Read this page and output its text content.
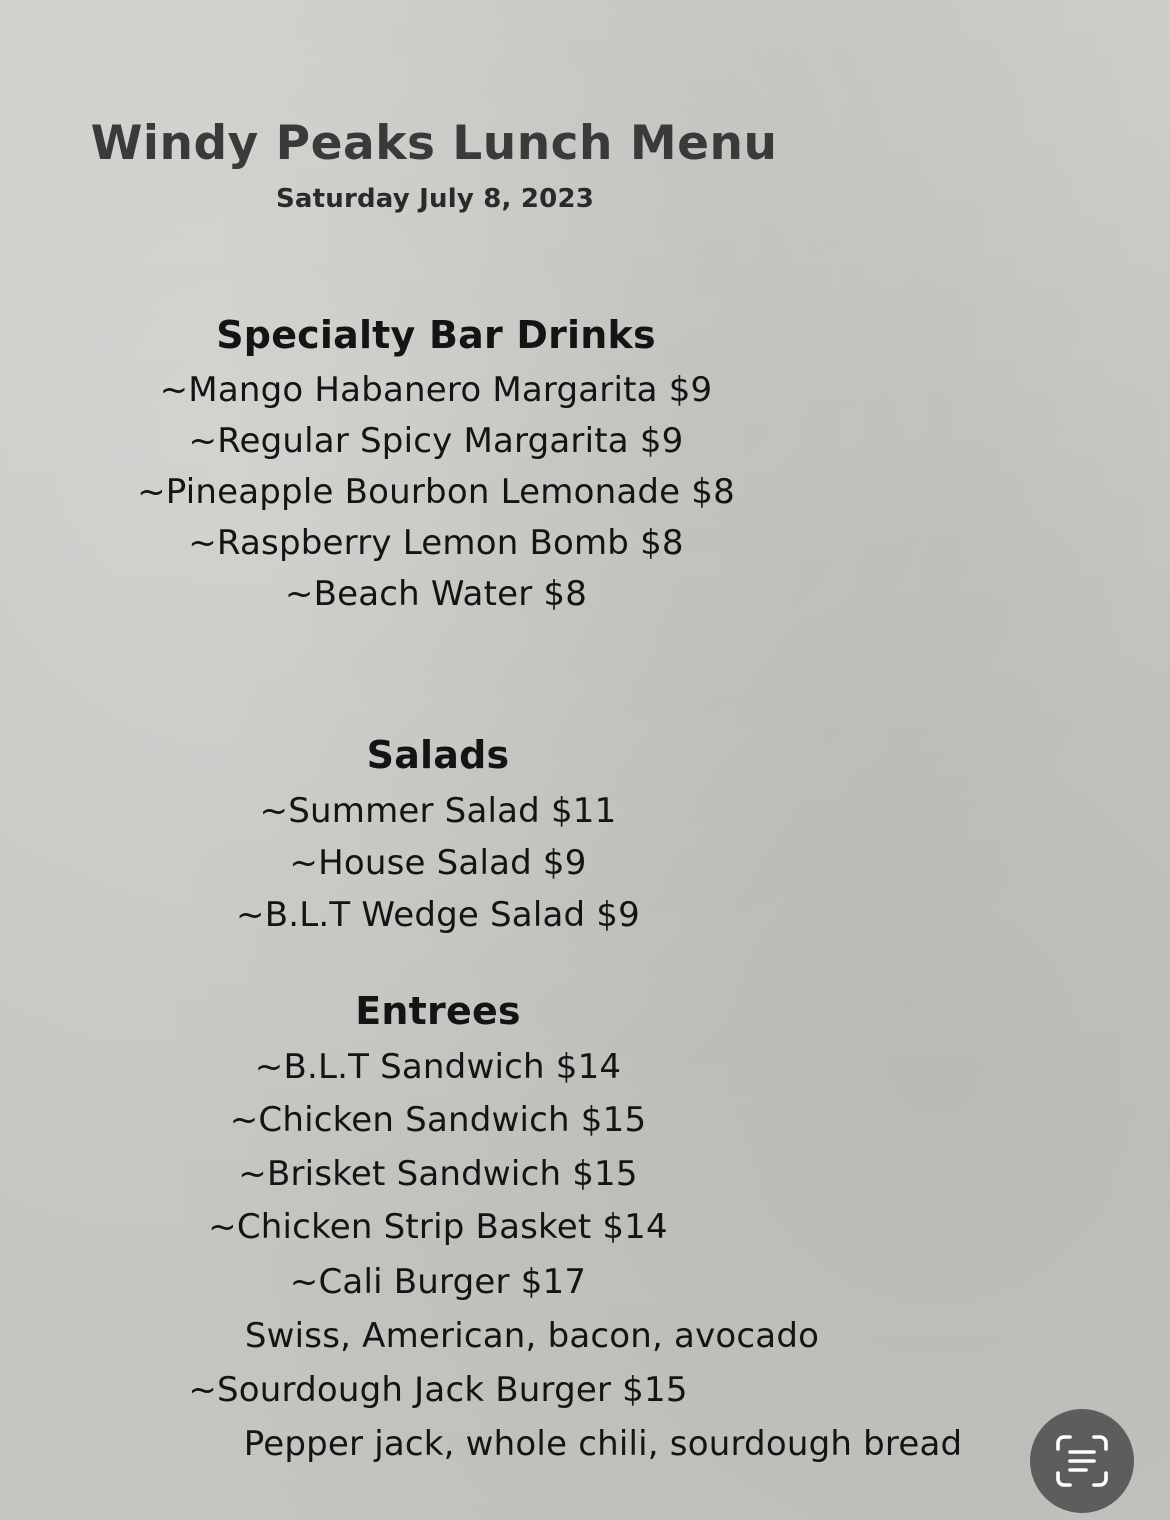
Windy Peaks Lunch Menu
Saturday July 8, 2023
Specialty Bar Drinks
~Mango Habanero Margarita $9
~Regular Spicy Margarita $9
~Pineapple Bourbon Lemonade $8
~Raspberry Lemon Bomb $8
~Beach Water $8
Salads
~Summer Salad $11
~House Salad $9
~B.L.T Wedge Salad $9
Entrees
~B.L.T Sandwich $14
~Chicken Sandwich $15
~Brisket Sandwich $15
~Chicken Strip Basket $14
~Cali Burger $17
Swiss, American, bacon, avocado
~Sourdough Jack Burger $15
Pepper jack, whole chili, sourdough bread
